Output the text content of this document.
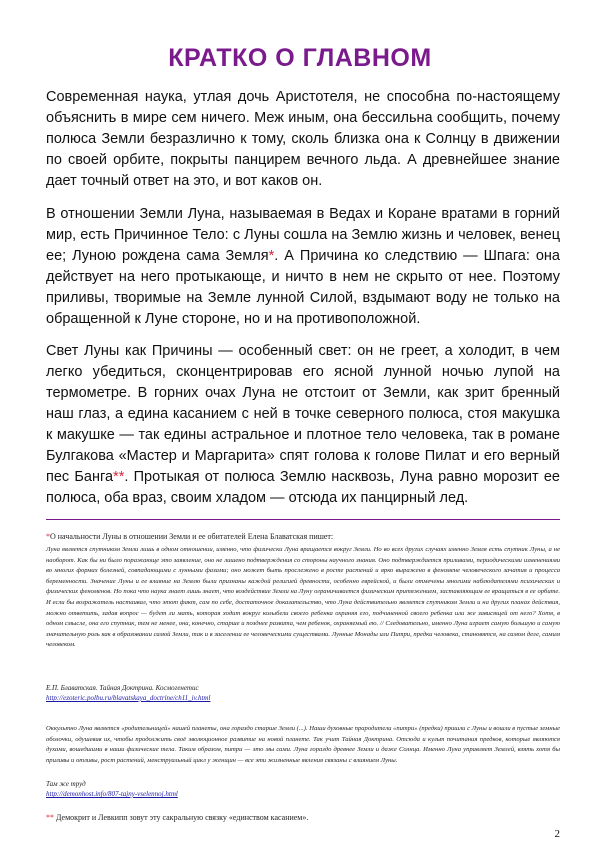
КРАТКО О ГЛАВНОМ

Современная наука, утлая дочь Аристотеля, не способна по-настоящему объяснить в мире сем ничего. Меж иным, она бессильна сообщить, почему полюса Земли безразлично к тому, сколь близка она к Солнцу в движении по своей орбите, покрыты панцирем вечного льда. А древнейшее знание дает точный ответ на это, и вот каков он.

В отношении Земли Луна, называемая в Ведах и Коране вратами в горний мир, есть Причинное Тело: с Луны сошла на Землю жизнь и человек, венец ее; Луною рождена сама Земля*. А Причина ко следствию — Шпага: она действует на него протыкающе, и ничто в нем не скрыто от нее. Поэтому приливы, творимые на Земле лунной Силой, вздымают воду не только на обращенной к Луне стороне, но и на противоположной.

Свет Луны как Причины — особенный свет: он не греет, а холодит, в чем легко убедиться, сконцентрировав его ясной лунной ночью лупой на термометре. В горних очах Луна не отстоит от Земли, как зрит бренный наш глаз, а едина касанием с ней в точке северного полюса, стоя макушка к макушке — так едины астральное и плотное тело человека, так в романе Булгакова «Мастер и Маргарита» спят голова к голове Пилат и его верный пес Банга**. Протыкая от полюса Землю насквозь, Луна равно морозит ее полюса, оба враз, своим хладом — отсюда их панцирный лед.

*О начальности Луны в отношении Земли и ее обитателей Елена Блаватская пишет:

Луна является спутником Земли лишь в одном отношении, именно, что физически Луна вращается вокруг Земли. Но во всех других случаях именно Земля есть спутник Луны, а не наоборот. Как бы ни было поражающе это заявление, оно не лишено подтверждения со стороны научного знания. Оно подтверждается приливами, периодическими изменениями во многих формах болезней, совпадающими с лунными фазами; оно может быть прослежено в росте растений и ярко выражено в феномене человеческого зачатия и процесса беременности. Значение Луны и ее влияние на Землю были признаны каждой религией древности, особенно еврейской, и были отмечены многими наблюдателями психических и физических феноменов. Но пока что наука знает лишь знает, что воздействие Земли на Луну ограничивается физическим притяжением, заставляющим ее вращаться в ее орбите. И если бы возражатель настаивал, что этот факт, сам по себе, достаточное доказательство, что Луна действительно является спутником Земли и на других планах действия, можно ответить, задав вопрос — будет ли мать, которая ходит вокруг колыбели своего ребенка охраняя его, подчиненной своего ребенка или же зависящей от него? Хотя, в одном смысле, она его спутник, тем не менее, она, конечно, старше и позднее развита, чем ребенок, охраняемый ею. // Следовательно, именно Луна играет самую большую и самую значительную роль как в образовании самой Земли, так и в заселении ее человеческими существами. Лунные Монады или Питри, предки человека, становятся, на самом деле, самим человеком.

Е.П. Блаватская. Тайная Доктрина. Космогенетис
http://ezoteric.polbu.ru/blavatskaya_doctrine/ch11_iv.html

Оккультно Луна является «родительницей» нашей планеты, она гораздо старше Земли (...). Наши духовные прародители «питри» (предки) пришли с Луны и вошли в пустые земные оболочки, одушевив их, чтобы продолжить своё эволюционное развитие на новой планете. Так учит Тайная Доктрина. Отсюда и культ почитания предков, которые являются духами, вошедшими в наши физические тела. Таким образом, питри — это мы сами. Луна гораздо древнее Земли и даже Солнца. Именно Луна управляет Землей, взять хотя бы приливы и отливы, рост растений, менструальный цикл у женщин — все эти жизненные явления связаны с влиянием Луны.

Там же труд
http://demonhost.info/807-tajny-vselennoj.html

** Демокрит и Левкипп зовут эту сакральную связку «единством касанием».

2
